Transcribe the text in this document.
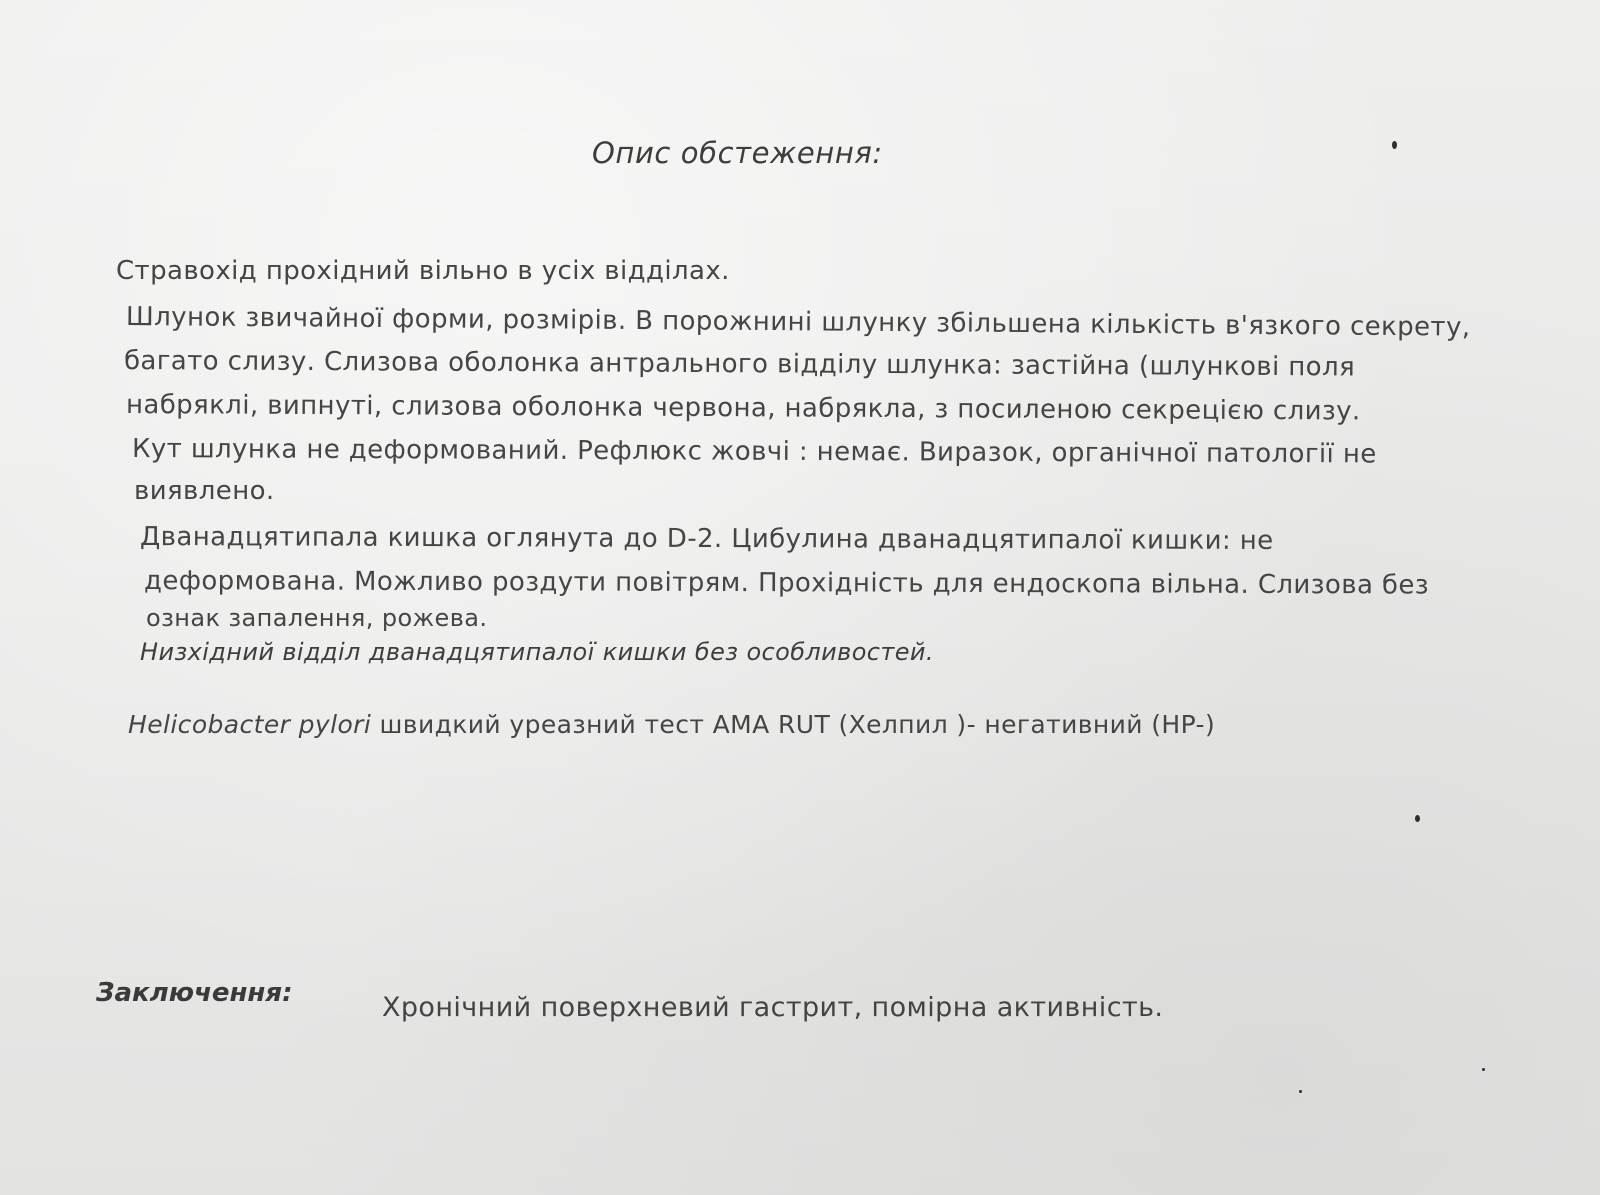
Опис обстеження:
Стравохід прохідний вільно в усіх відділах.
Шлунок звичайної форми, розмірів. В порожнині шлунку збільшена кількість в'язкого секрету,
багато слизу. Слизова оболонка антрального відділу шлунка: застійна (шлункові поля
набряклі, випнуті, слизова оболонка червона, набрякла, з посиленою секрецією слизу.
Кут шлунка не деформований. Рефлюкс жовчі : немає. Виразок, органічної патології не
виявлено.
Дванадцятипала кишка оглянута до D-2. Цибулина дванадцятипалої кишки: не
деформована. Можливо роздути повітрям. Прохідність для ендоскопа вільна. Слизова без
ознак запалення, рожева.
Низхідний відділ дванадцятипалої кишки без особливостей.
Helicobacter pylori швидкий уреазний тест AMA RUT (Хелпил )- негативний (HP-)
Заключення:	Хронічний поверхневий гастрит, помірна активність.
